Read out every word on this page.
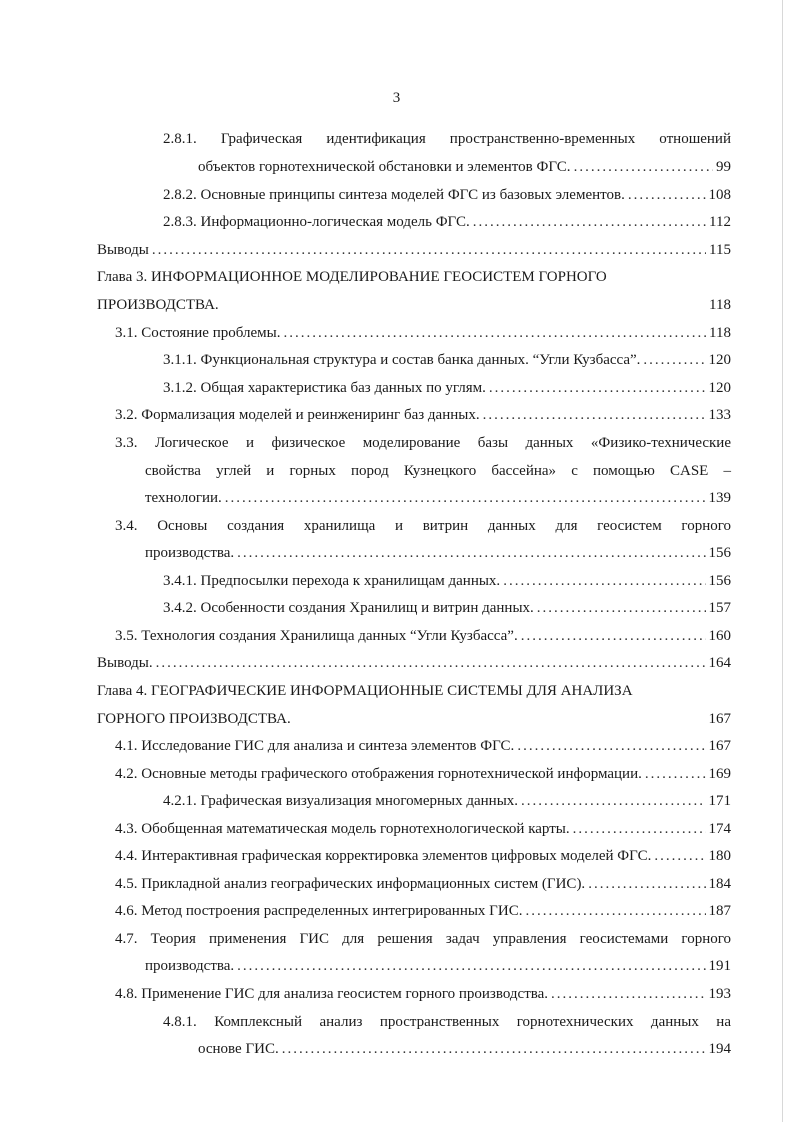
3
2.8.1. Графическая идентификация пространственно-временных отношений
объектов горнотехнической обстановки и элементов ФГС. .....	99
2.8.2. Основные принципы синтеза моделей ФГС из базовых элементов. .....	108
2.8.3. Информационно-логическая модель ФГС. .....	112
Выводы .....	115
Глава 3. ИНФОРМАЦИОННОЕ МОДЕЛИРОВАНИЕ ГЕОСИСТЕМ ГОРНОГО
ПРОИЗВОДСТВА.	118
3.1. Состояние проблемы. .....	118
3.1.1. Функциональная структура и состав банка данных. “Угли Кузбасса”. .....	120
3.1.2. Общая характеристика баз данных по углям. .....	120
3.2. Формализация моделей и реинжениринг баз данных. .....	133
3.3. Логическое и физическое моделирование базы данных «Физико-технические
свойства углей и горных пород Кузнецкого бассейна» с помощью CASE –
технологии. .....	139
3.4. Основы создания хранилища и витрин данных для геосистем горного
производства. .....	156
3.4.1. Предпосылки перехода к хранилищам данных. .....	156
3.4.2. Особенности создания Хранилищ и витрин данных. .....	157
3.5. Технология создания Хранилища данных “Угли Кузбасса”. .....	160
Выводы. .....	164
Глава 4. ГЕОГРАФИЧЕСКИЕ ИНФОРМАЦИОННЫЕ СИСТЕМЫ ДЛЯ АНАЛИЗА
ГОРНОГО ПРОИЗВОДСТВА.	167
4.1. Исследование ГИС для анализа и синтеза элементов ФГС. .....	167
4.2. Основные методы графического отображения горнотехнической информации. .....	169
4.2.1. Графическая визуализация многомерных данных. .....	171
4.3. Обобщенная математическая модель горнотехнологической карты. .....	174
4.4. Интерактивная графическая корректировка элементов цифровых моделей ФГС. .....	180
4.5. Прикладной анализ географических информационных систем (ГИС). .....	184
4.6. Метод построения распределенных интегрированных ГИС. .....	187
4.7. Теория применения ГИС для решения задач управления геосистемами горного
производства. .....	191
4.8. Применение ГИС для анализа геосистем горного производства. .....	193
4.8.1. Комплексный анализ пространственных горнотехнических данных на
основе ГИС. .....	194
